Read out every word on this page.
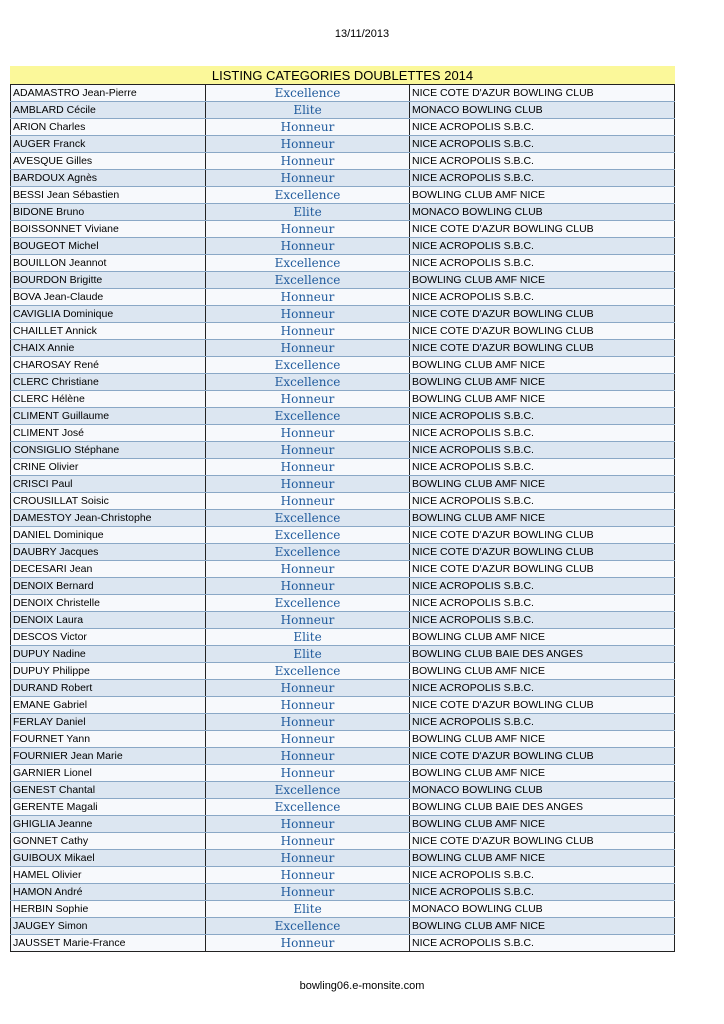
13/11/2013
LISTING CATEGORIES DOUBLETTES 2014
ADAMASTRO Jean-Pierre	Excellence	NICE COTE D'AZUR BOWLING CLUB
AMBLARD Cécile	Elite	MONACO BOWLING CLUB
ARION Charles	Honneur	NICE ACROPOLIS S.B.C.
AUGER Franck	Honneur	NICE ACROPOLIS S.B.C.
AVESQUE Gilles	Honneur	NICE ACROPOLIS S.B.C.
BARDOUX Agnès	Honneur	NICE ACROPOLIS S.B.C.
BESSI Jean Sébastien	Excellence	BOWLING CLUB AMF NICE
BIDONE Bruno	Elite	MONACO BOWLING CLUB
BOISSONNET Viviane	Honneur	NICE COTE D'AZUR BOWLING CLUB
BOUGEOT Michel	Honneur	NICE ACROPOLIS S.B.C.
BOUILLON Jeannot	Excellence	NICE ACROPOLIS S.B.C.
BOURDON Brigitte	Excellence	BOWLING CLUB AMF NICE
BOVA Jean-Claude	Honneur	NICE ACROPOLIS S.B.C.
CAVIGLIA Dominique	Honneur	NICE COTE D'AZUR BOWLING CLUB
CHAILLET Annick	Honneur	NICE COTE D'AZUR BOWLING CLUB
CHAIX Annie	Honneur	NICE COTE D'AZUR BOWLING CLUB
CHAROSAY René	Excellence	BOWLING CLUB AMF NICE
CLERC Christiane	Excellence	BOWLING CLUB AMF NICE
CLERC Hélène	Honneur	BOWLING CLUB AMF NICE
CLIMENT Guillaume	Excellence	NICE ACROPOLIS S.B.C.
CLIMENT José	Honneur	NICE ACROPOLIS S.B.C.
CONSIGLIO Stéphane	Honneur	NICE ACROPOLIS S.B.C.
CRINE Olivier	Honneur	NICE ACROPOLIS S.B.C.
CRISCI Paul	Honneur	BOWLING CLUB AMF NICE
CROUSILLAT Soisic	Honneur	NICE ACROPOLIS S.B.C.
DAMESTOY Jean-Christophe	Excellence	BOWLING CLUB AMF NICE
DANIEL Dominique	Excellence	NICE COTE D'AZUR BOWLING CLUB
DAUBRY Jacques	Excellence	NICE COTE D'AZUR BOWLING CLUB
DECESARI Jean	Honneur	NICE COTE D'AZUR BOWLING CLUB
DENOIX Bernard	Honneur	NICE ACROPOLIS S.B.C.
DENOIX Christelle	Excellence	NICE ACROPOLIS S.B.C.
DENOIX Laura	Honneur	NICE ACROPOLIS S.B.C.
DESCOS Victor	Elite	BOWLING CLUB AMF NICE
DUPUY Nadine	Elite	BOWLING CLUB BAIE DES ANGES
DUPUY Philippe	Excellence	BOWLING CLUB AMF NICE
DURAND Robert	Honneur	NICE ACROPOLIS S.B.C.
EMANE Gabriel	Honneur	NICE COTE D'AZUR BOWLING CLUB
FERLAY Daniel	Honneur	NICE ACROPOLIS S.B.C.
FOURNET Yann	Honneur	BOWLING CLUB AMF NICE
FOURNIER Jean Marie	Honneur	NICE COTE D'AZUR BOWLING CLUB
GARNIER Lionel	Honneur	BOWLING CLUB AMF NICE
GENEST Chantal	Excellence	MONACO BOWLING CLUB
GERENTE Magali	Excellence	BOWLING CLUB BAIE DES ANGES
GHIGLIA Jeanne	Honneur	BOWLING CLUB AMF NICE
GONNET Cathy	Honneur	NICE COTE D'AZUR BOWLING CLUB
GUIBOUX Mikael	Honneur	BOWLING CLUB AMF NICE
HAMEL Olivier	Honneur	NICE ACROPOLIS S.B.C.
HAMON André	Honneur	NICE ACROPOLIS S.B.C.
HERBIN Sophie	Elite	MONACO BOWLING CLUB
JAUGEY Simon	Excellence	BOWLING CLUB AMF NICE
JAUSSET Marie-France	Honneur	NICE ACROPOLIS S.B.C.
bowling06.e-monsite.com
